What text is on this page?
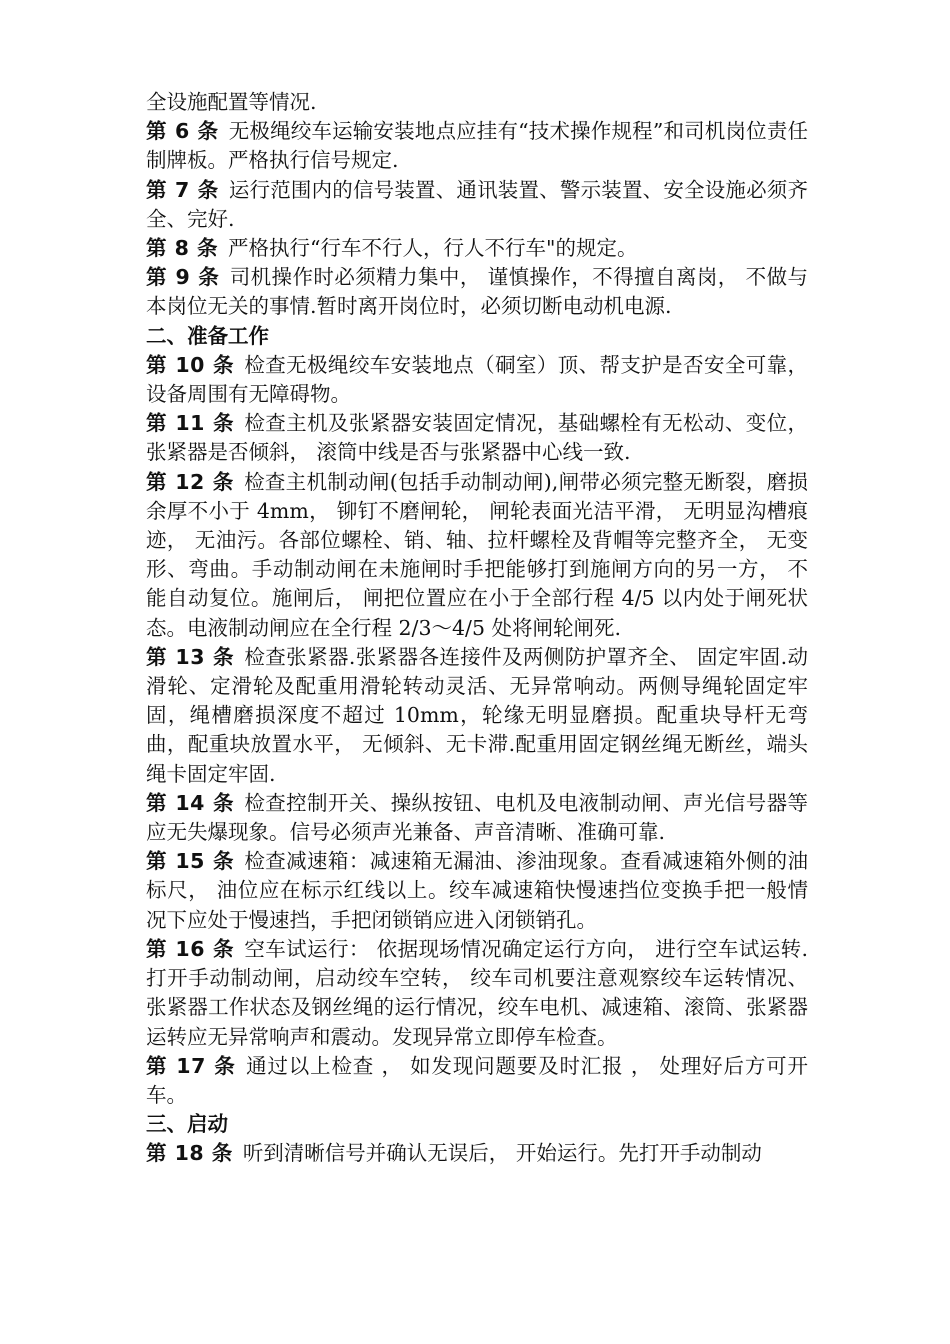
全设施配置等情况.
第 6 条 无极绳绞车运输安装地点应挂有“技术操作规程”和司机岗位责任制牌板。严格执行信号规定.
第 7 条 运行范围内的信号装置、通讯装置、警示装置、安全设施必须齐全、完好.
第 8 条 严格执行“行车不行人，行人不行车"的规定。
第 9 条 司机操作时必须精力集中， 谨慎操作，不得擅自离岗， 不做与本岗位无关的事情.暂时离开岗位时，必须切断电动机电源.
二、准备工作
第 10 条 检查无极绳绞车安装地点（硐室）顶、帮支护是否安全可靠，设备周围有无障碍物。
第 11 条 检查主机及张紧器安装固定情况，基础螺栓有无松动、变位， 张紧器是否倾斜， 滚筒中线是否与张紧器中心线一致.
第 12 条 检查主机制动闸(包括手动制动闸),闸带必须完整无断裂，磨损余厚不小于 4mm， 铆钉不磨闸轮， 闸轮表面光洁平滑， 无明显沟槽痕迹， 无油污。各部位螺栓、销、轴、拉杆螺栓及背帽等完整齐全， 无变形、弯曲。手动制动闸在未施闸时手把能够打到施闸方向的另一方， 不能自动复位。施闸后， 闸把位置应在小于全部行程 4/5 以内处于闸死状态。电液制动闸应在全行程 2/3～4/5 处将闸轮闸死.
第 13 条 检查张紧器.张紧器各连接件及两侧防护罩齐全、 固定牢固.动滑轮、定滑轮及配重用滑轮转动灵活、无异常响动。两侧导绳轮固定牢固，绳槽磨损深度不超过 10mm，轮缘无明显磨损。配重块导杆无弯曲，配重块放置水平， 无倾斜、无卡滞.配重用固定钢丝绳无断丝，端头绳卡固定牢固.
第 14 条 检查控制开关、操纵按钮、电机及电液制动闸、声光信号器等应无失爆现象。信号必须声光兼备、声音清晰、准确可靠.
第 15 条 检查减速箱：减速箱无漏油、渗油现象。查看减速箱外侧的油标尺， 油位应在标示红线以上。绞车减速箱快慢速挡位变换手把一般情况下应处于慢速挡，手把闭锁销应进入闭锁销孔。
第 16 条 空车试运行： 依据现场情况确定运行方向， 进行空车试运转.打开手动制动闸，启动绞车空转， 绞车司机要注意观察绞车运转情况、张紧器工作状态及钢丝绳的运行情况，绞车电机、减速箱、滚筒、张紧器运转应无异常响声和震动。发现异常立即停车检查。
第 17 条 通过以上检查 ， 如发现问题要及时汇报 ， 处理好后方可开车。
三、启动
第 18 条 听到清晰信号并确认无误后， 开始运行。先打开手动制动
